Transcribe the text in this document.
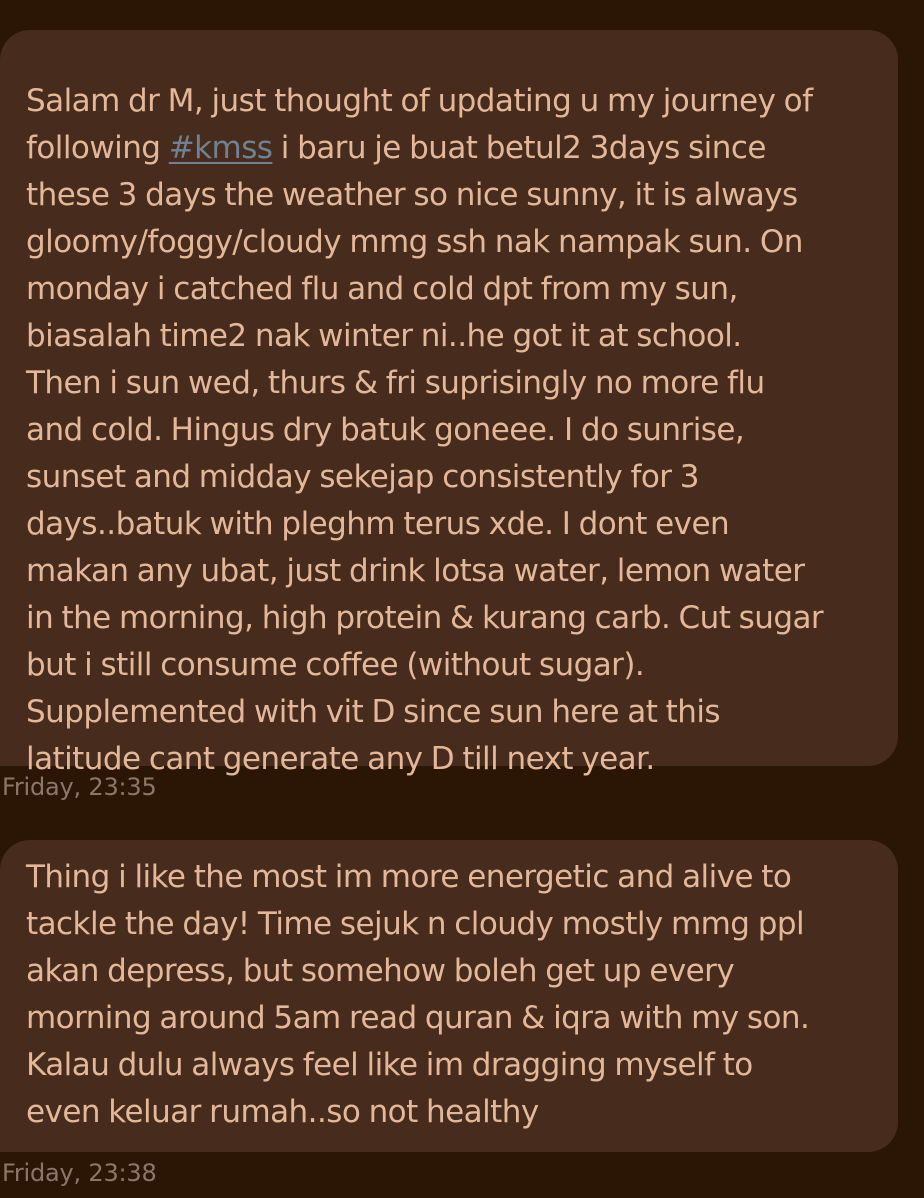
Salam dr M, just thought of updating u my journey of
following #kmss i baru je buat betul2 3days since
these 3 days the weather so nice sunny, it is always
gloomy/foggy/cloudy mmg ssh nak nampak sun. On
monday i catched flu and cold dpt from my sun,
biasalah time2 nak winter ni..he got it at school.
Then i sun wed, thurs & fri suprisingly no more flu
and cold. Hingus dry batuk goneee. I do sunrise,
sunset and midday sekejap consistently for 3
days..batuk with pleghm terus xde. I dont even
makan any ubat, just drink lotsa water, lemon water
in the morning, high protein & kurang carb. Cut sugar
but i still consume coffee (without sugar).
Supplemented with vit D since sun here at this
latitude cant generate any D till next year.

Friday, 23:35

Thing i like the most im more energetic and alive to
tackle the day! Time sejuk n cloudy mostly mmg ppl
akan depress, but somehow boleh get up every
morning around 5am read quran & iqra with my son.
Kalau dulu always feel like im dragging myself to
even keluar rumah..so not healthy

Friday, 23:38
